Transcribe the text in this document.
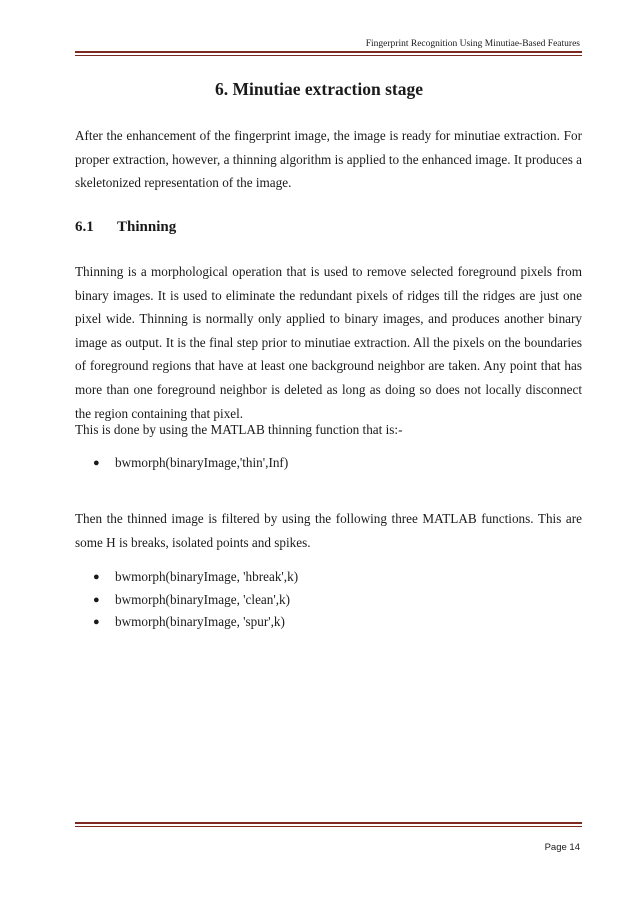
Fingerprint Recognition Using Minutiae-Based Features
6. Minutiae extraction stage

After the enhancement of the fingerprint image, the image is ready for minutiae extraction. For proper extraction, however, a thinning algorithm is applied to the enhanced image. It produces a skeletonized representation of the image.

6.1 Thinning

Thinning is a morphological operation that is used to remove selected foreground pixels from binary images. It is used to eliminate the redundant pixels of ridges till the ridges are just one pixel wide. Thinning is normally only applied to binary images, and produces another binary image as output. It is the final step prior to minutiae extraction. All the pixels on the boundaries of foreground regions that have at least one background neighbor are taken. Any point that has more than one foreground neighbor is deleted as long as doing so does not locally disconnect the region containing that pixel.

This is done by using the MATLAB thinning function that is:-

● bwmorph(binaryImage,'thin',Inf)

Then the thinned image is filtered by using the following three MATLAB functions. This are some H is breaks, isolated points and spikes.

● bwmorph(binaryImage, 'hbreak',k)
● bwmorph(binaryImage, 'clean',k)
● bwmorph(binaryImage, 'spur',k)
Page 14
